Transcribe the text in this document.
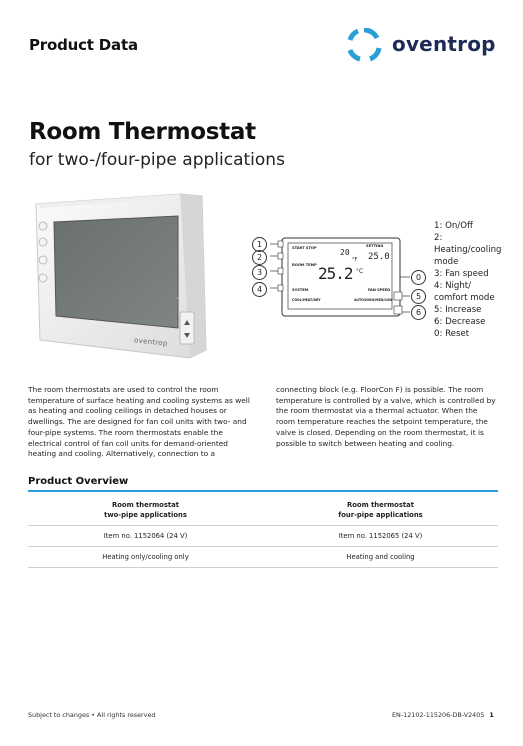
Product Data	oventrop
Room Thermostat
for two-/four-pipe applications
oventrop
1
2
3
4
0
5
6
START STOP	SETTING
20 25.0
ROOM TEMP
°F
25.2 °C
SYSTEM	FAN SPEED
COOL/HEAT/DRY	AUTO/HIGH/MED/LOW
1: On/Off
2:
Heating/cooling
mode
3: Fan speed
4: Night/
comfort mode
5: Increase
6: Decrease
0: Reset
The room thermostats are used to control the room
temperature of surface heating and cooling systems as well
as heating and cooling ceilings in detached houses or
dwellings. The are designed for fan coil units with two- and
four-pipe systems. The room thermostats enable the
electrical control of fan coil units for demand-oriented
heating and cooling. Alternatively, connection to a
connecting block (e.g. FloorCon F) is possible. The room
temperature is controlled by a valve, which is controlled by
the room thermostat via a thermal actuator. When the
room temperature reaches the setpoint temperature, the
valve is closed. Depending on the room thermostat, it is
possible to switch between heating and cooling.
Product Overview
Room thermostat
two-pipe applications
Room thermostat
four-pipe applications
Item no. 1152064 (24 V)	Item no. 1152065 (24 V)
Heating only/cooling only	Heating and cooling
Subject to changes • All rights reserved	EN-12102-115206-DB-V2405 1
